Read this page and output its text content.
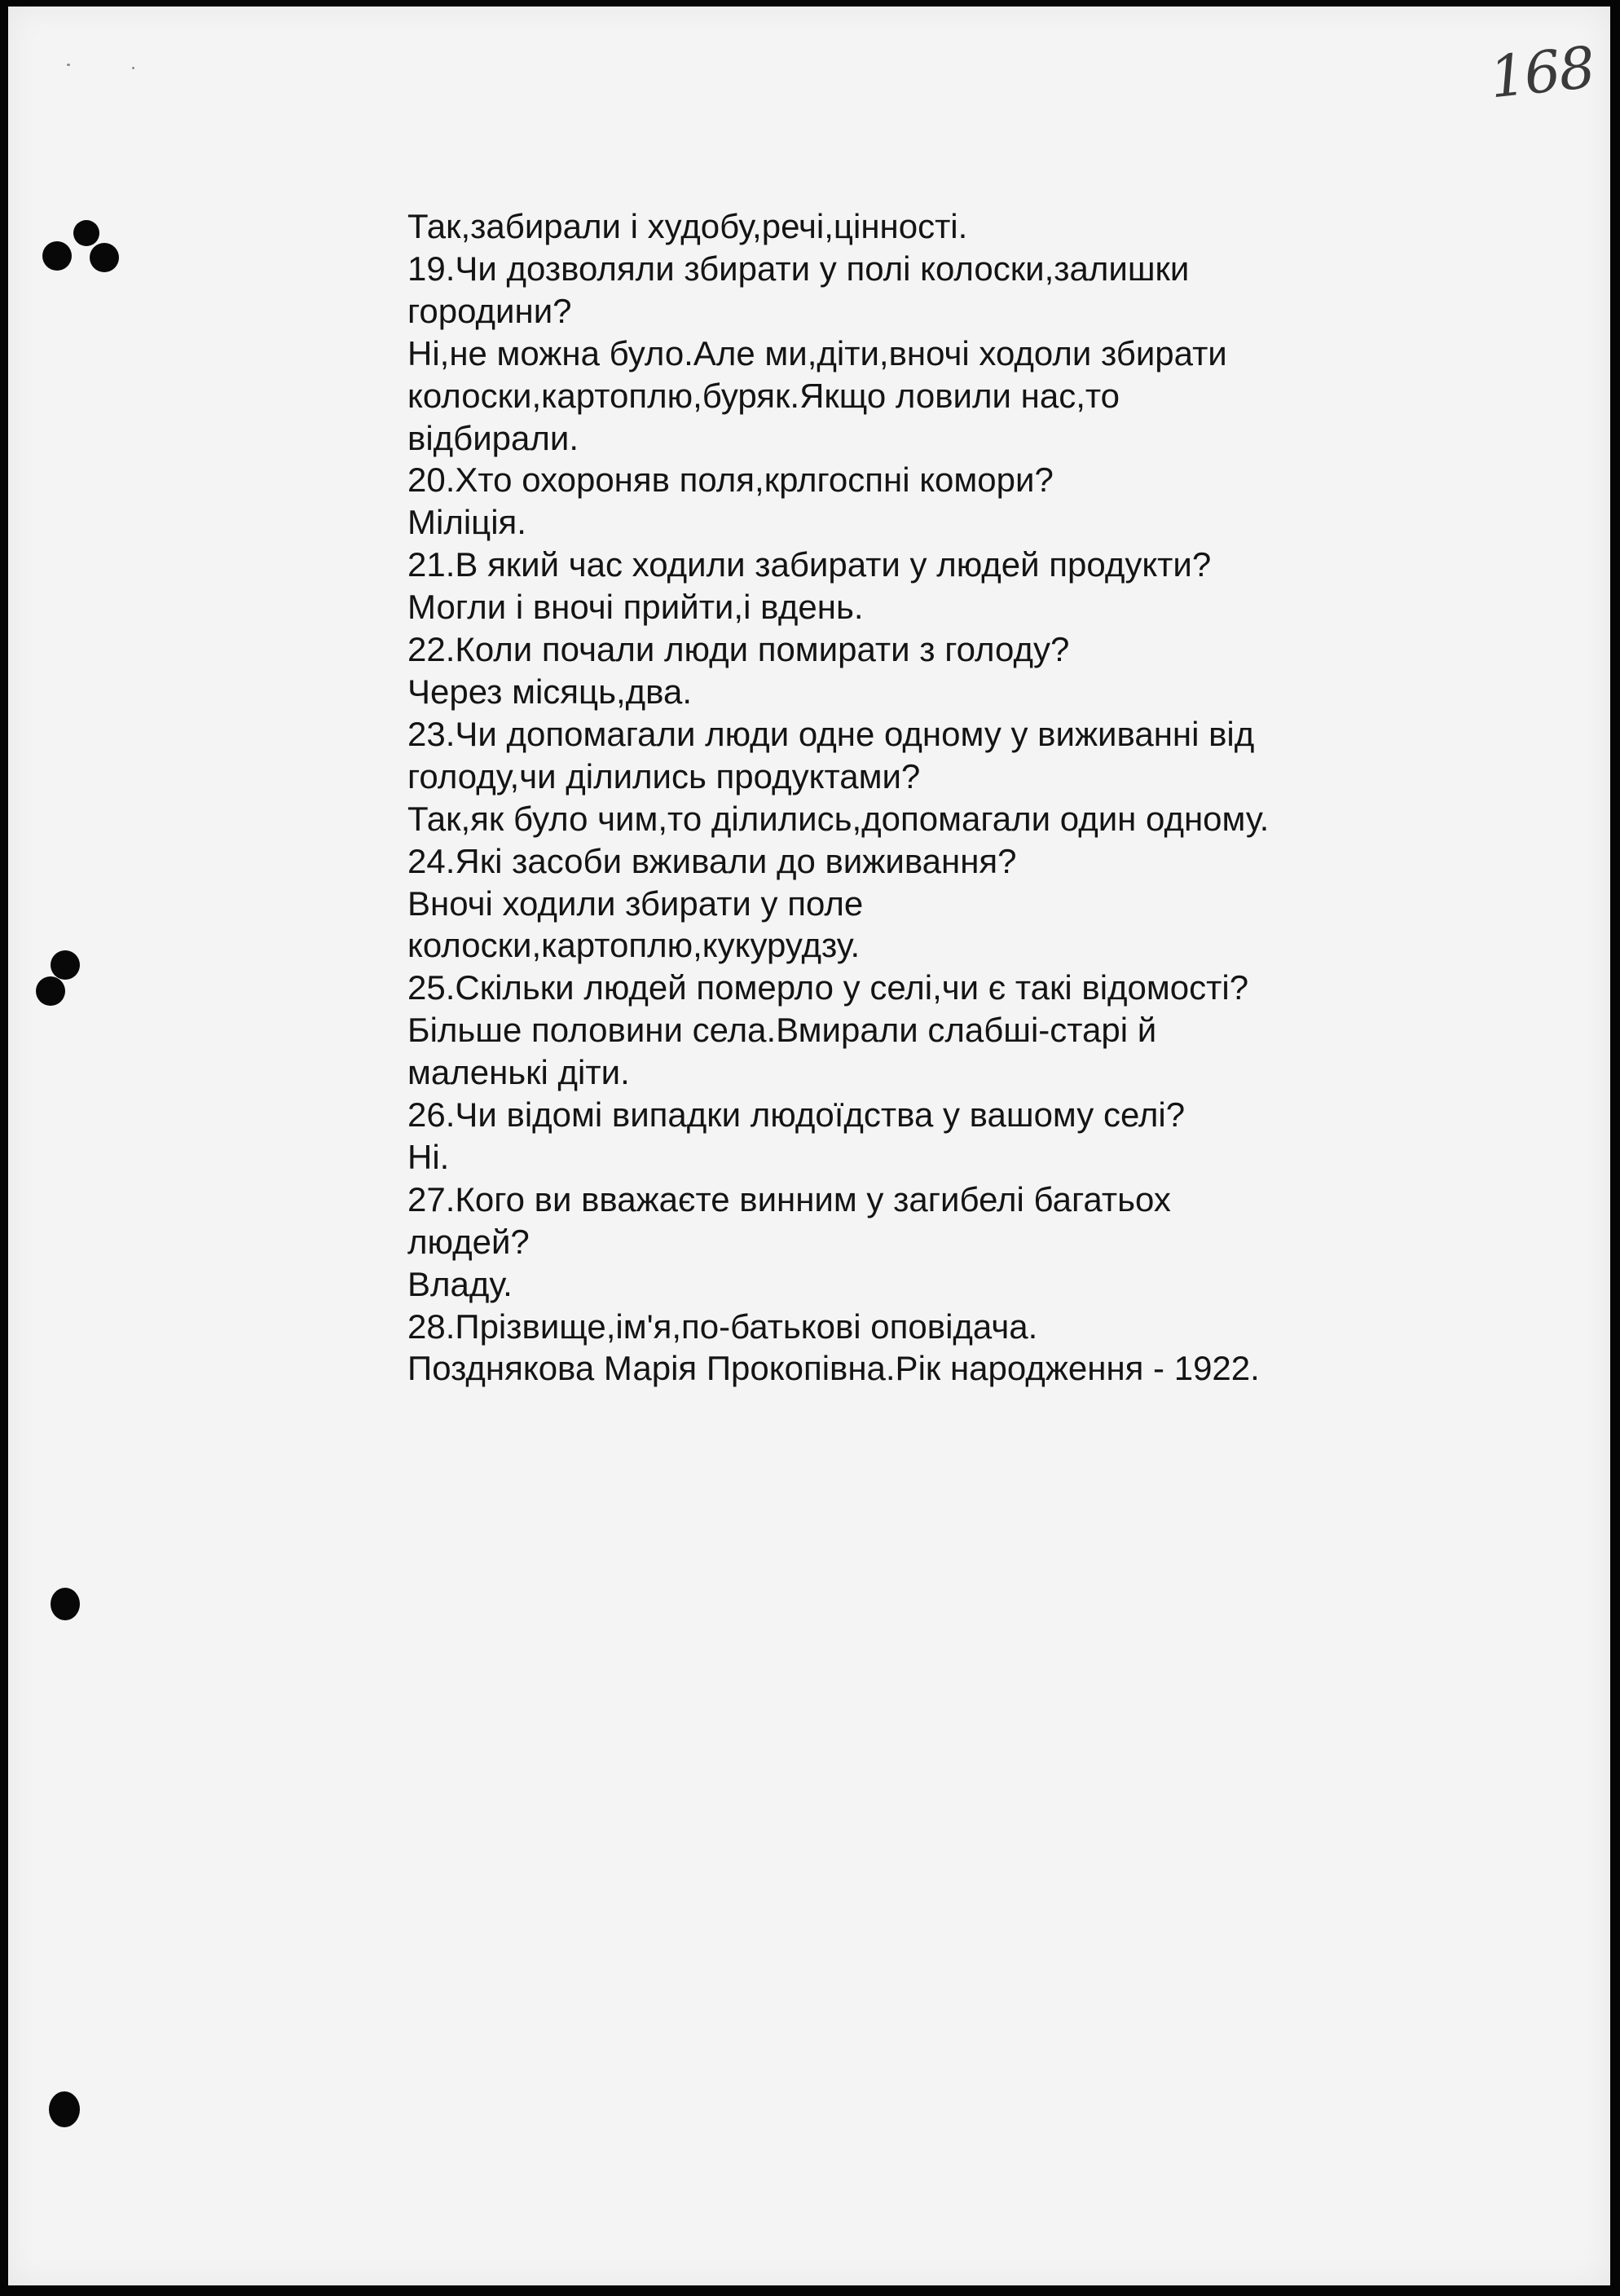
168
Так,забирали і худобу,речі,цінності.
19.Чи дозволяли збирати у полі колоски,залишки
городини?
Ні,не можна було.Але ми,діти,вночі ходоли збирати
колоски,картоплю,буряк.Якщо ловили нас,то
відбирали.
20.Хто охороняв поля,крлгоспні комори?
Міліція.
21.В який час ходили забирати у людей продукти?
Могли і вночі прийти,і вдень.
22.Коли почали люди помирати з голоду?
Через місяць,два.
23.Чи допомагали люди одне одному у виживанні від
голоду,чи ділились продуктами?
Так,як було чим,то ділились,допомагали один одному.
24.Які засоби вживали до виживання?
Вночі ходили збирати у поле
колоски,картоплю,кукурудзу.
25.Скільки людей померло у селі,чи є такі відомості?
Більше половини села.Вмирали слабші-старі й
маленькі діти.
26.Чи відомі випадки людоїдства у вашому селі?
Ні.
27.Кого ви вважаєте винним у загибелі багатьох
людей?
Владу.
28.Прізвище,ім'я,по-батькові оповідача.
Позднякова Марія Прокопівна.Рік народження - 1922.
